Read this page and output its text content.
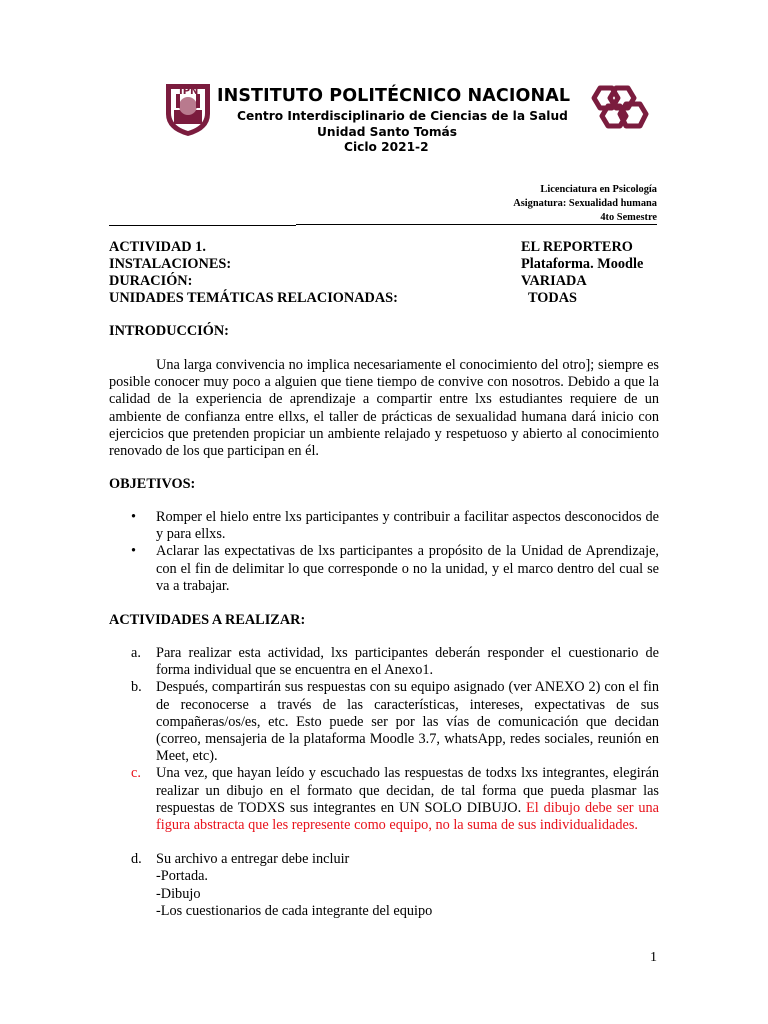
IPN INSTITUTO POLITÉCNICO NACIONAL
Centro Interdisciplinario de Ciencias de la Salud
Unidad Santo Tomás
Ciclo 2021-2
Licenciatura en Psicología
Asignatura: Sexualidad humana
4to Semestre
ACTIVIDAD 1.	EL REPORTERO
INSTALACIONES:	Plataforma. Moodle
DURACIÓN:	VARIADA
UNIDADES TEMÁTICAS RELACIONADAS:	TODAS
INTRODUCCIÓN:
Una larga convivencia no implica necesariamente el conocimiento del otro]; siempre es posible conocer muy poco a alguien que tiene tiempo de convive con nosotros. Debido a que la calidad de la experiencia de aprendizaje a compartir entre lxs estudiantes requiere de un ambiente de confianza entre ellxs, el taller de prácticas de sexualidad humana dará inicio con ejercicios que pretenden propiciar un ambiente relajado y respetuoso y abierto al conocimiento renovado de los que participan en él.
OBJETIVOS:
• Romper el hielo entre lxs participantes y contribuir a facilitar aspectos desconocidos de y para ellxs.
• Aclarar las expectativas de lxs participantes a propósito de la Unidad de Aprendizaje, con el fin de delimitar lo que corresponde o no la unidad, y el marco dentro del cual se va a trabajar.
ACTIVIDADES A REALIZAR:
a. Para realizar esta actividad, lxs participantes deberán responder el cuestionario de forma individual que se encuentra en el Anexo1.
b. Después, compartirán sus respuestas con su equipo asignado (ver ANEXO 2) con el fin de reconocerse a través de las características, intereses, expectativas de sus compañeras/os/es, etc. Esto puede ser por las vías de comunicación que decidan (correo, mensajeria de la plataforma Moodle 3.7, whatsApp, redes sociales, reunión en Meet, etc).
c. Una vez, que hayan leído y escuchado las respuestas de todxs lxs integrantes, elegirán realizar un dibujo en el formato que decidan, de tal forma que pueda plasmar las respuestas de TODXS sus integrantes en UN SOLO DIBUJO. El dibujo debe ser una figura abstracta que les represente como equipo, no la suma de sus individualidades.
d. Su archivo a entregar debe incluir
-Portada.
-Dibujo
-Los cuestionarios de cada integrante del equipo
1
